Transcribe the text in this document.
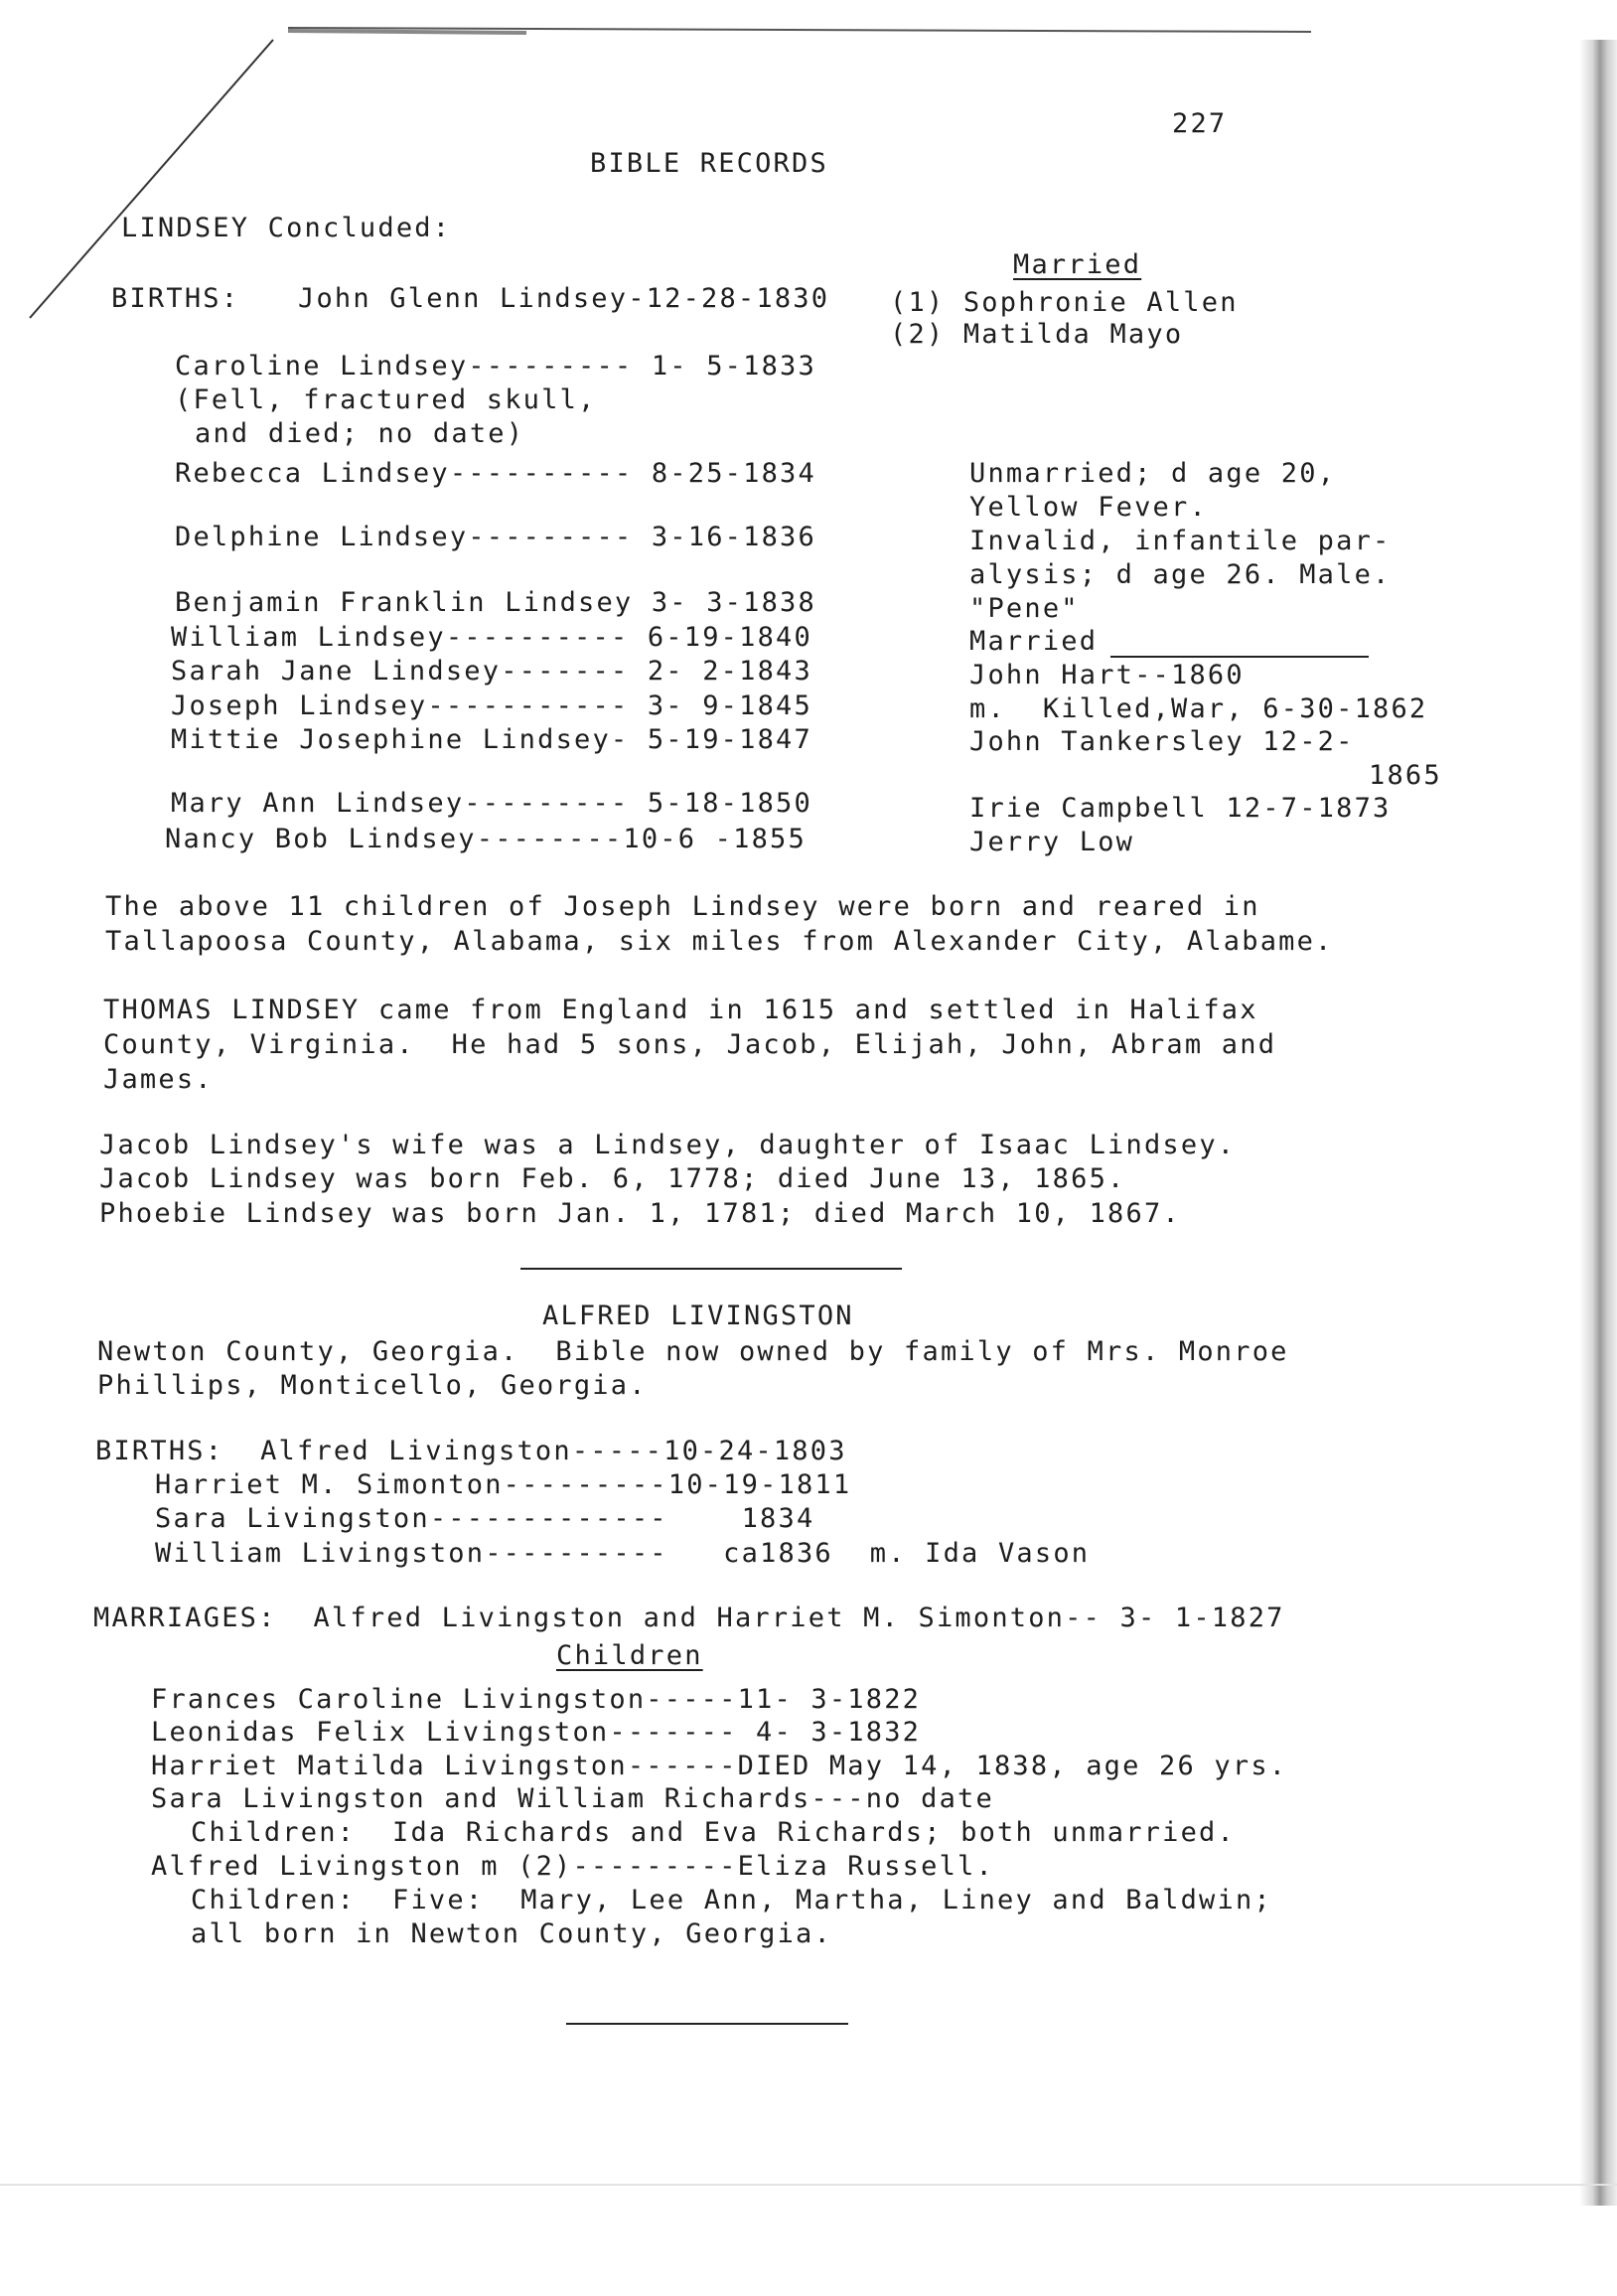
227
BIBLE RECORDS
LINDSEY Concluded:
Married
BIRTHS: John Glenn Lindsey-12-28-1830
Caroline Lindsey--------- 1- 5-1833
(Fell, fractured skull,
and died; no date)
Rebecca Lindsey---------- 8-25-1834
Delphine Lindsey--------- 3-16-1836
Benjamin Franklin Lindsey 3- 3-1838
William Lindsey---------- 6-19-1840
Sarah Jane Lindsey------- 2- 2-1843
Joseph Lindsey----------- 3- 9-1845
Mittie Josephine Lindsey- 5-19-1847
Mary Ann Lindsey--------- 5-18-1850
Nancy Bob Lindsey--------10-6 -1855
(1) Sophronie Allen
(2) Matilda Mayo
Unmarried; d age 20,
Yellow Fever.
Invalid, infantile par-
alysis; d age 26. Male.
"Pene"
Married
John Hart--1860
m.  Killed,War, 6-30-1862
John Tankersley 12-2-
1865
Irie Campbell 12-7-1873
Jerry Low
The above 11 children of Joseph Lindsey were born and reared in
Tallapoosa County, Alabama, six miles from Alexander City, Alabame.
THOMAS LINDSEY came from England in 1615 and settled in Halifax
County, Virginia.  He had 5 sons, Jacob, Elijah, John, Abram and
James.
Jacob Lindsey's wife was a Lindsey, daughter of Isaac Lindsey.
Jacob Lindsey was born Feb. 6, 1778; died June 13, 1865.
Phoebie Lindsey was born Jan. 1, 1781; died March 10, 1867.
ALFRED LIVINGSTON
Newton County, Georgia.  Bible now owned by family of Mrs. Monroe
Phillips, Monticello, Georgia.
BIRTHS:  Alfred Livingston-----10-24-1803
Harriet M. Simonton---------10-19-1811
Sara Livingston-------------    1834
William Livingston----------   ca1836  m. Ida Vason
MARRIAGES:  Alfred Livingston and Harriet M. Simonton-- 3- 1-1827
Children
Frances Caroline Livingston-----11- 3-1822
Leonidas Felix Livingston------- 4- 3-1832
Harriet Matilda Livingston------DIED May 14, 1838, age 26 yrs.
Sara Livingston and William Richards---no date
Children:  Ida Richards and Eva Richards; both unmarried.
Alfred Livingston m (2)---------Eliza Russell.
Children:  Five:  Mary, Lee Ann, Martha, Liney and Baldwin;
all born in Newton County, Georgia.
